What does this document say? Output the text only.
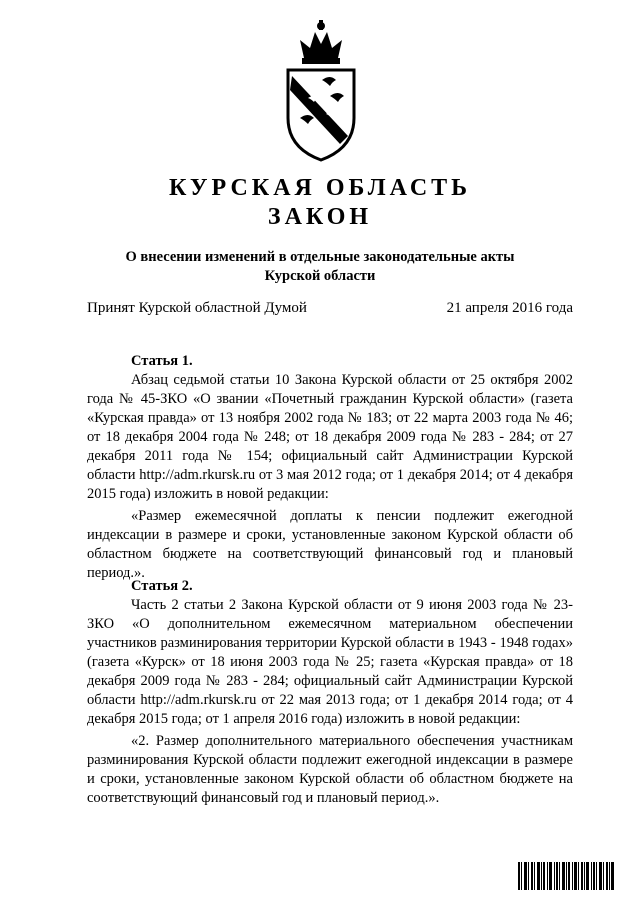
КУРСКАЯ ОБЛАСТЬ
ЗАКОН
О внесении изменений в отдельные законодательные акты
Курской области
Принят Курской областной Думой	21 апреля 2016 года

Статья 1.

Абзац седьмой статьи 10 Закона Курской области от 25 октября 2002 года № 45-ЗКО «О звании «Почетный гражданин Курской области» (газета «Курская правда» от 13 ноября 2002 года № 183; от 22 марта 2003 года № 46; от 18 декабря 2004 года № 248; от 18 декабря 2009 года № 283 - 284; от 27 декабря 2011 года № 154; официальный сайт Администрации Курской области http://adm.rkursk.ru от 3 мая 2012 года; от 1 декабря 2014; от 4 декабря 2015 года) изложить в новой редакции:

«Размер ежемесячной доплаты к пенсии подлежит ежегодной индексации в размере и сроки, установленные законом Курской области об областном бюджете на соответствующий финансовый год и плановый период.».

Статья 2.

Часть 2 статьи 2 Закона Курской области от 9 июня 2003 года № 23-ЗКО «О дополнительном ежемесячном материальном обеспечении участников разминирования территории Курской области в 1943 - 1948 годах» (газета «Курск» от 18 июня 2003 года № 25; газета «Курская правда» от 18 декабря 2009 года № 283 - 284; официальный сайт Администрации Курской области http://adm.rkursk.ru от 22 мая 2013 года; от 1 декабря 2014 года; от 4 декабря 2015 года; от 1 апреля 2016 года) изложить в новой редакции:

«2. Размер дополнительного материального обеспечения участникам разминирования Курской области подлежит ежегодной индексации в размере и сроки, установленные законом Курской области об областном бюджете на соответствующий финансовый год и плановый период.».
